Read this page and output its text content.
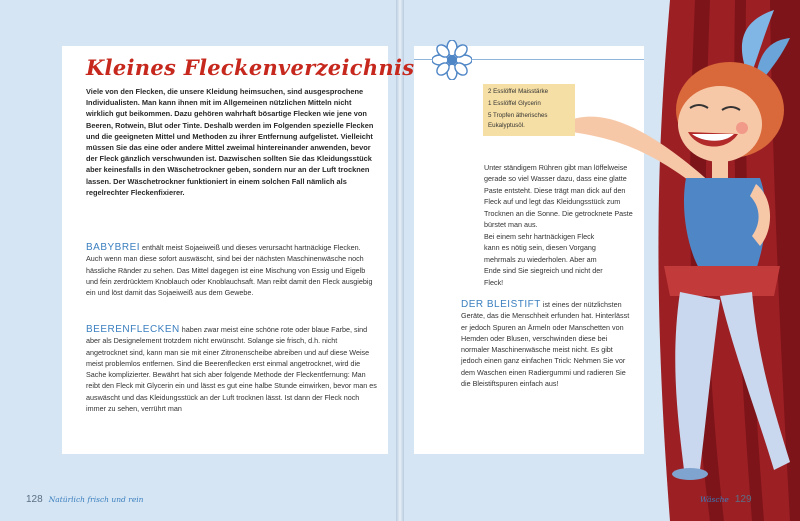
Kleines Fleckenverzeichnis
Viele von den Flecken, die unsere Kleidung heimsuchen, sind ausgesprochene Individualisten. Man kann ihnen mit im Allgemeinen nützlichen Mitteln nicht wirklich gut beikommen. Dazu gehören wahrhaft bösartige Flecken wie jene von Beeren, Rotwein, Blut oder Tinte. Deshalb werden im Folgenden spezielle Flecken und die geeigneten Mittel und Methoden zu ihrer Entfernung aufgelistet. Vielleicht müssen Sie das eine oder andere Mittel zweimal hintereinander anwenden, bevor der Fleck gänzlich verschwunden ist. Dazwischen sollten Sie das Kleidungsstück aber keinesfalls in den Wäschetrockner geben, sondern nur an der Luft trocknen lassen. Der Wäschetrockner funktioniert in einem solchen Fall nämlich als regelrechter Fleckenfixierer.
BABYBREI enthält meist Sojaeiweiß und dieses verursacht hartnäckige Flecken. Auch wenn man diese sofort auswäscht, sind bei der nächsten Maschinenwäsche noch hässliche Ränder zu sehen. Das Mittel dagegen ist eine Mischung von Essig und Eigelb und fein zerdrücktem Knoblauch oder Knoblauchsaft. Man reibt damit den Fleck ausgiebig ein und löst damit das Sojaeiweiß aus dem Gewebe.
BEERENFLECKEN haben zwar meist eine schöne rote oder blaue Farbe, sind aber als Designelement trotzdem nicht erwünscht. Solange sie frisch, d.h. nicht angetrocknet sind, kann man sie mit einer Zitronenscheibe abreiben und auf diese Weise meist problemlos entfernen. Sind die Beerenflecken erst einmal angetrocknet, wird die Sache komplizierter. Bewährt hat sich aber folgende Methode der Fleckentfernung: Man reibt den Fleck mit Glycerin ein und lässt es gut eine halbe Stunde einwirken, bevor man es auswäscht und das Kleidungsstück an der Luft trocknen lässt. Ist dann der Fleck noch immer zu sehen, verrührt man
2 Esslöffel Maisstärke
1 Esslöffel Glycerin
5 Tropfen ätherisches Eukalyptusöl.
Unter ständigem Rühren gibt man löffelweise gerade so viel Wasser dazu, dass eine glatte Paste entsteht. Diese trägt man dick auf den Fleck auf und legt das Kleidungsstück zum Trocknen an die Sonne. Die getrocknete Paste bürstet man aus.
Bei einem sehr hartnäckigen Fleck kann es nötig sein, diesen Vorgang mehrmals zu wiederholen. Aber am Ende sind Sie siegreich und nicht der Fleck!
DER BLEISTIFT ist eines der nützlichsten Geräte, das die Menschheit erfunden hat. Hinterlässt er jedoch Spuren an Ärmeln oder Manschetten von Hemden oder Blusen, verschwinden diese bei normaler Maschinenwäsche meist nicht. Es gibt jedoch einen ganz einfachen Trick: Nehmen Sie vor dem Waschen einen Radiergummi und radieren Sie die Bleistiftspuren einfach aus!
128 Natürlich frisch und rein	Wäsche 129
